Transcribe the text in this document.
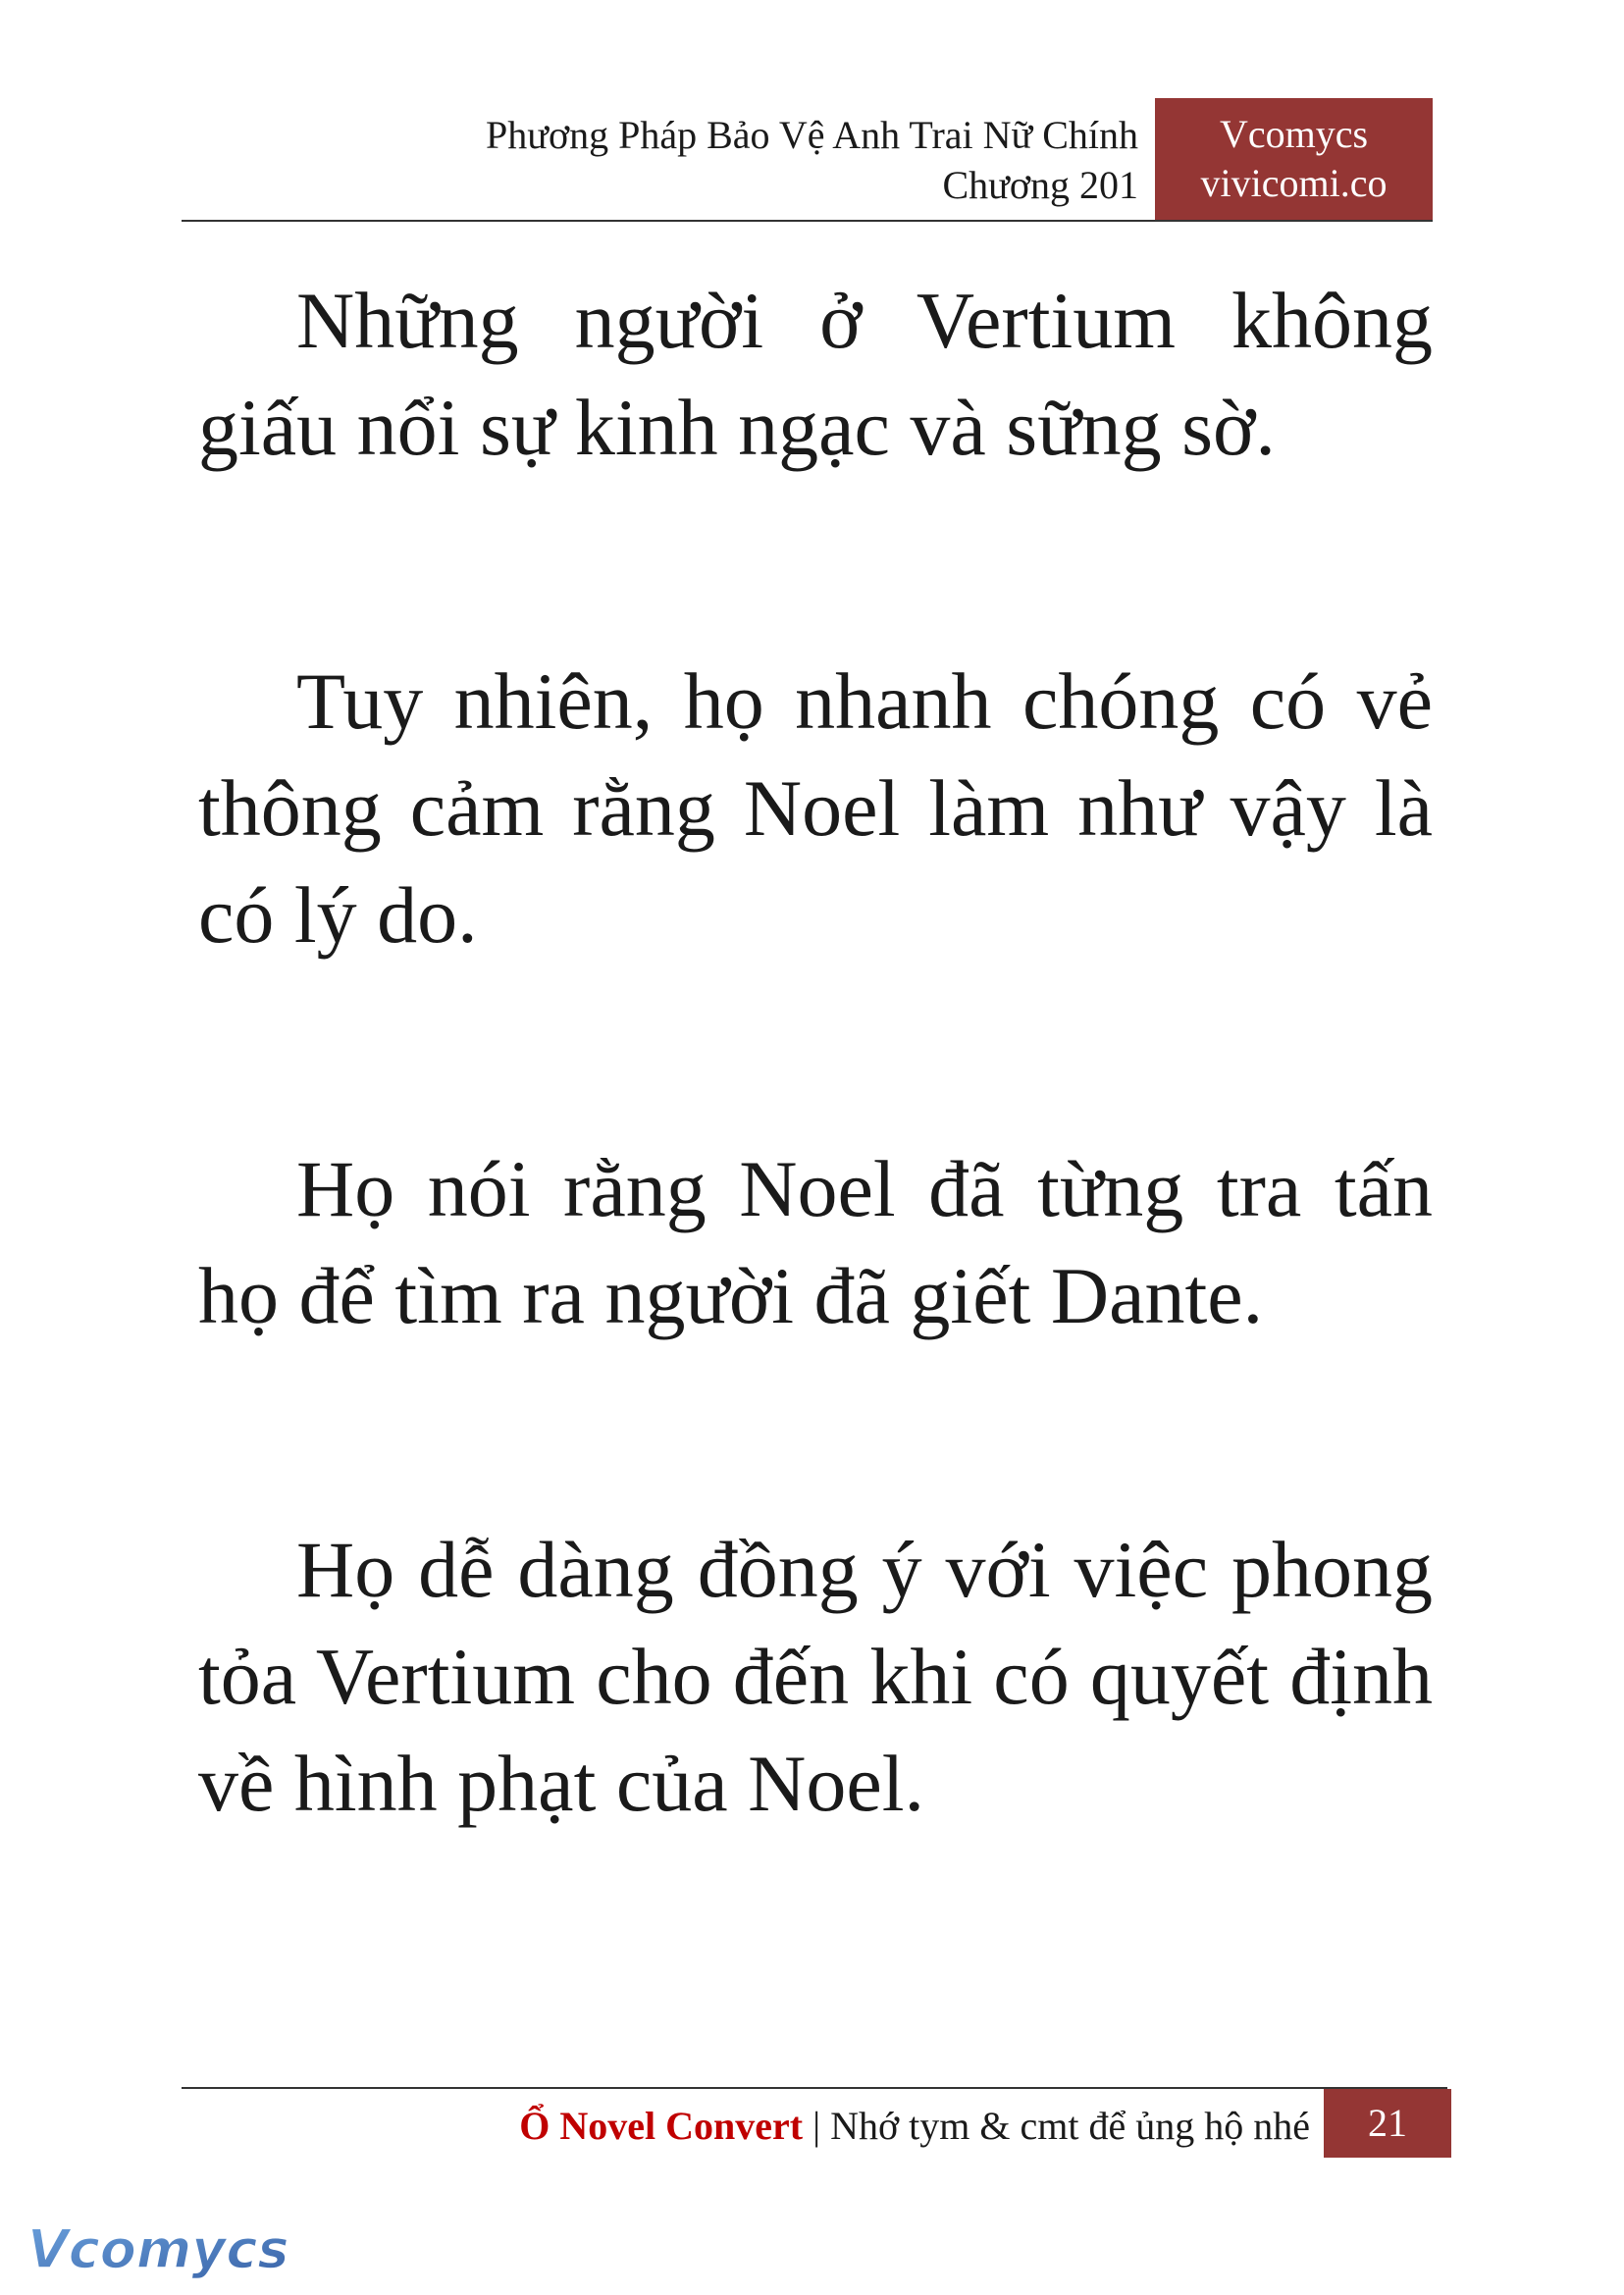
Phương Pháp Bảo Vệ Anh Trai Nữ Chính
Chương 201
Vcomycs
vivicomi.co

Những người ở Vertium không giấu nổi sự kinh ngạc và sững sờ.

Tuy nhiên, họ nhanh chóng có vẻ thông cảm rằng Noel làm như vậy là có lý do.

Họ nói rằng Noel đã từng tra tấn họ để tìm ra người đã giết Dante.

Họ dễ dàng đồng ý với việc phong tỏa Vertium cho đến khi có quyết định về hình phạt của Noel.

Ổ Novel Convert | Nhớ tym & cmt để ủng hộ nhé	21
Vcomycs
